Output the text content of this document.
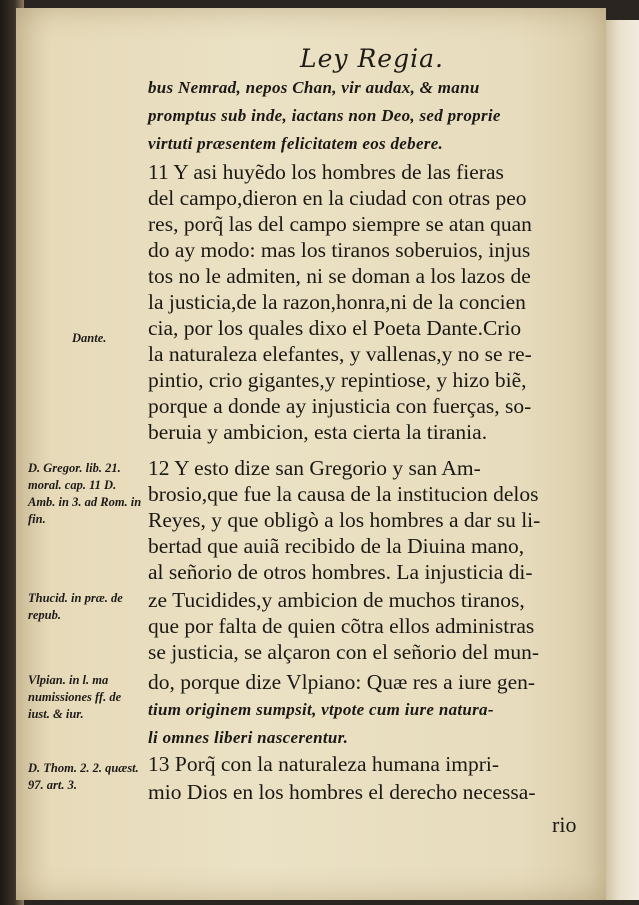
Ley Regia.
bus Nemrad, nepos Chan, vir audax, & manu
promptus sub inde, iactans non Deo, sed proprie
virtuti præsentem felicitatem eos debere.
11 Y asi huyẽdo los hombres de las fieras
del campo,dieron en la ciudad con otras peo
res, porq̃ las del campo siempre se atan quan
do ay modo: mas los tiranos soberuios, injus
tos no le admiten, ni se doman a los lazos de
la justicia,de la razon,honra,ni de la concien
cia, por los quales dixo el Poeta Dante.Crio
la naturaleza elefantes, y vallenas,y no se re-
pintio, crio gigantes,y repintiose, y hizo biẽ,
porque a donde ay injusticia con fuerças, so-
beruia y ambicion, esta cierta la tirania.
12 Y esto dize san Gregorio y san Am-
brosio,que fue la causa de la institucion delos
Reyes, y que obligò a los hombres a dar su li-
bertad que auiã recibido de la Diuina mano,
al señorio de otros hombres. La injusticia di-
ze Tucidides,y ambicion de muchos tiranos,
que por falta de quien cõtra ellos administras
se justicia, se alçaron con el señorio del mun-
do, porque dize Vlpiano: Quæ res a iure gen-
tium originem sumpsit, vtpote cum iure natura-
li omnes liberi nascerentur.
13 Porq̃ con la naturaleza humana impri-
mio Dios en los hombres el derecho necessa-
Dante.
D. Gregor. lib. 21. moral. cap. 11 D. Amb. in 3. ad Rom. in fin.
Thucid. in præ. de repub.
Vlpian. in l. ma numissiones ff. de iust. & iur.
D. Thom. 2. 2. quæst. 97. art. 3.
rio
